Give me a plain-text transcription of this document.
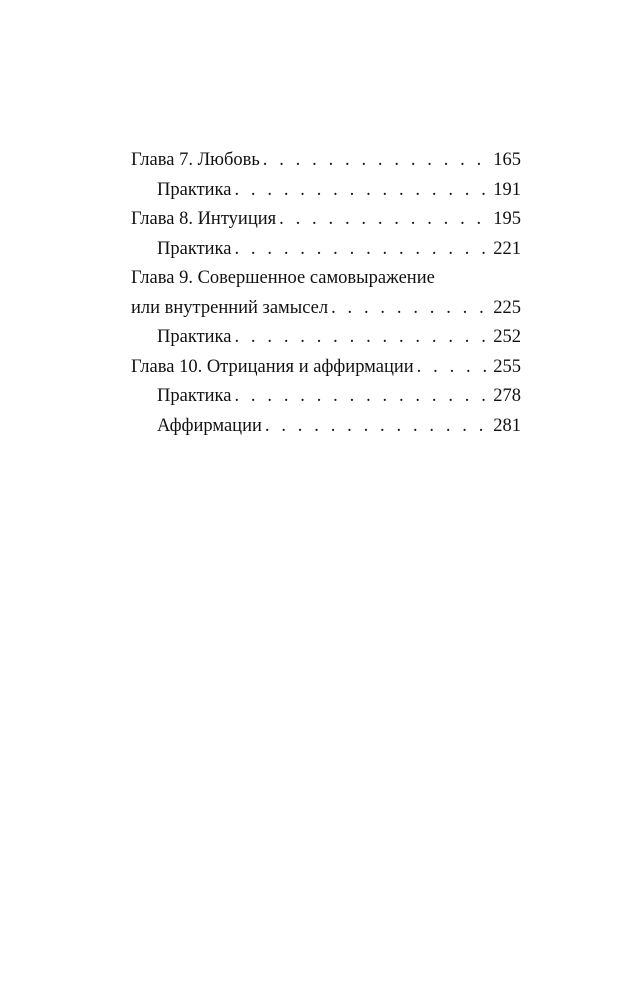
Глава 7. Любовь . . .	165
Практика . . .	191
Глава 8. Интуиция . . .	195
Практика . . .	221
Глава 9. Совершенное самовыражение
или внутренний замысел . . .	225
Практика . . .	252
Глава 10. Отрицания и аффирмации . . .	255
Практика . . .	278
Аффирмации . . .	281
